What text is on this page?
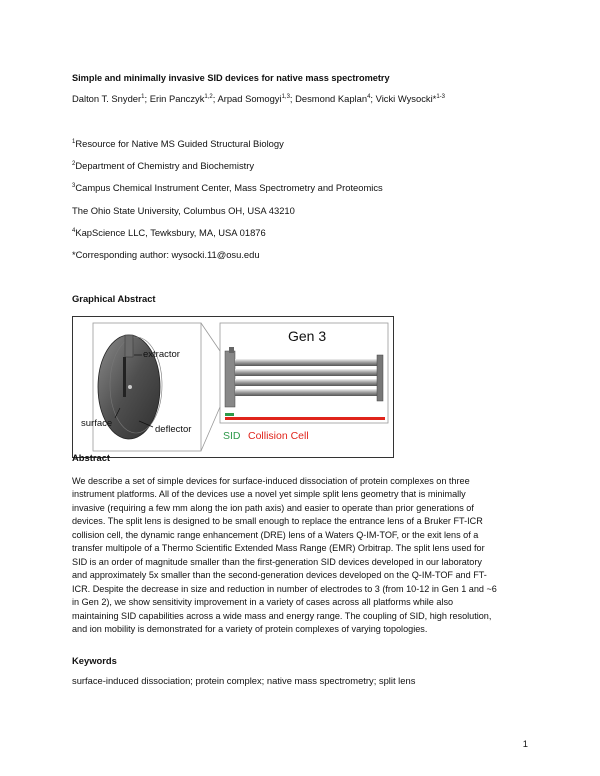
Simple and minimally invasive SID devices for native mass spectrometry
Dalton T. Snyder$^1$; Erin Panczyk$^{1,2}$; Arpad Somogyi$^{1,3}$; Desmond Kaplan$^4$; Vicki Wysocki*$^{1-3}$
$^1$Resource for Native MS Guided Structural Biology
$^2$Department of Chemistry and Biochemistry
$^3$Campus Chemical Instrument Center, Mass Spectrometry and Proteomics
The Ohio State University, Columbus OH, USA 43210
$^4$KapScience LLC, Tewksbury, MA, USA 01876
*Corresponding author: wysocki.11@osu.edu
Graphical Abstract
extractor
surface
deflector
Gen 3
SID Collision Cell
Abstract
We describe a set of simple devices for surface-induced dissociation of protein complexes on three
instrument platforms. All of the devices use a novel yet simple split lens geometry that is minimally
invasive (requiring a few mm along the ion path axis) and easier to operate than prior generations of
devices. The split lens is designed to be small enough to replace the entrance lens of a Bruker FT-ICR
collision cell, the dynamic range enhancement (DRE) lens of a Waters Q-IM-TOF, or the exit lens of a
transfer multipole of a Thermo Scientific Extended Mass Range (EMR) Orbitrap. The split lens used for
SID is an order of magnitude smaller than the first-generation SID devices developed in our laboratory
and approximately 5x smaller than the second-generation devices developed on the Q-IM-TOF and FT-
ICR. Despite the decrease in size and reduction in number of electrodes to 3 (from 10-12 in Gen 1 and ~6
in Gen 2), we show sensitivity improvement in a variety of cases across all platforms while also
maintaining SID capabilities across a wide mass and energy range. The coupling of SID, high resolution,
and ion mobility is demonstrated for a variety of protein complexes of varying topologies.
Keywords
surface-induced dissociation; protein complex; native mass spectrometry; split lens
1
